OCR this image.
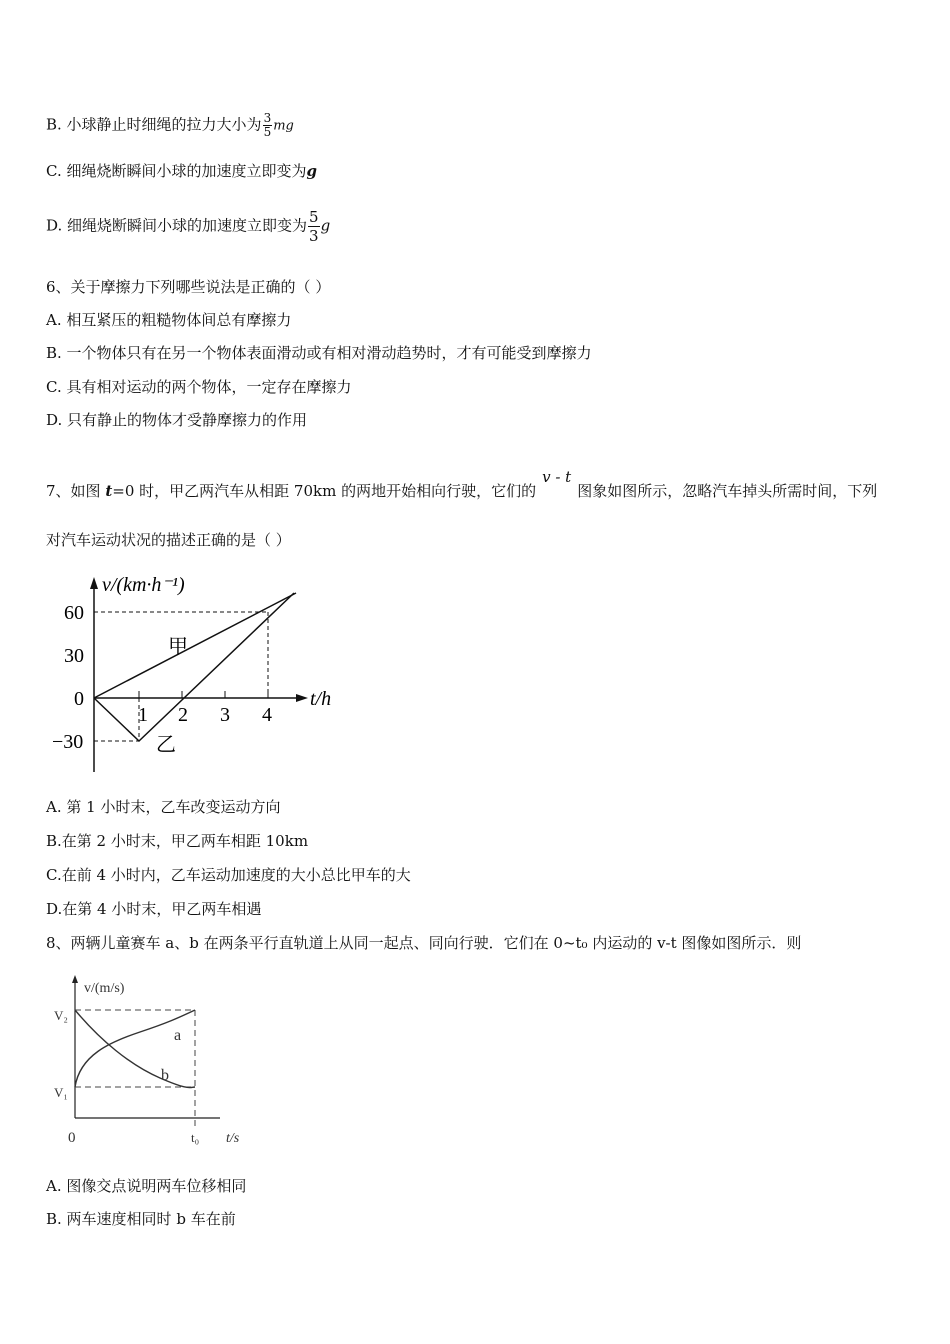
B. 小球静止时细绳的拉力大小为 $\frac{3}{5}$ mg
C. 细绳烧断瞬间小球的加速度立即变为g
D. 细绳烧断瞬间小球的加速度立即变为 $\frac{5}{3}$ g
6、关于摩擦力下列哪些说法是正确的（ ）
A. 相互紧压的粗糙物体间总有摩擦力
B. 一个物体只有在另一个物体表面滑动或有相对滑动趋势时，才有可能受到摩擦力
C. 具有相对运动的两个物体，一定存在摩擦力
D. 只有静止的物体才受静摩擦力的作用
7、如图 t=0 时，甲乙两汽车从相距 70km 的两地开始相向行驶，它们的v - t图象如图所示，忽略汽车掉头所需时间，下列
对汽车运动状况的描述正确的是（ ）
v/(km·h⁻¹)
t/h
60
30
0
−30
1 2 3 4
甲
乙
A. 第 1 小时末，乙车改变运动方向
B.在第 2 小时末，甲乙两车相距 10km
C.在前 4 小时内，乙车运动加速度的大小总比甲车的大
D.在第 4 小时末，甲乙两车相遇
8、两辆儿童赛车 a、b 在两条平行直轨道上从同一起点、同向行驶．它们在 0~t₀ 内运动的 v-t 图像如图所示．则
v/(m/s)
V₂
V₁
0	t₀ t/s
a
b
A. 图像交点说明两车位移相同
B. 两车速度相同时 b 车在前
